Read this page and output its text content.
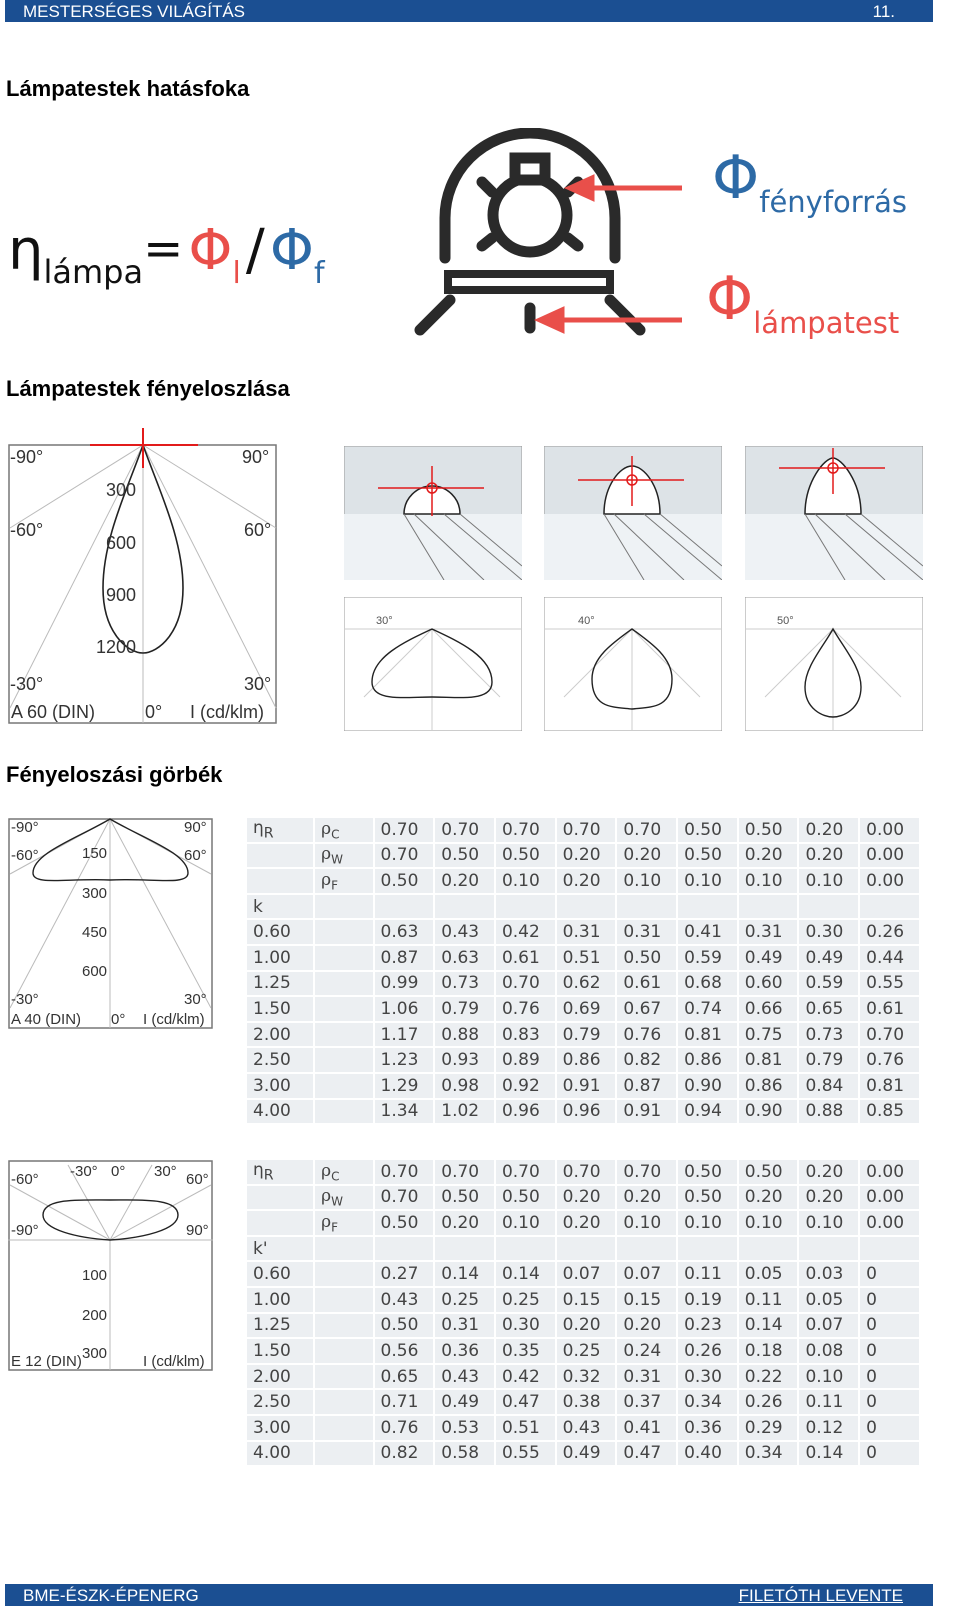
MESTERSÉGES VILÁGÍTÁS	11.
Lámpatestek hatásfoka
ηlámpa= Φl / Φf
Φfényforrás
Φlámpatest
Lámpatestek fényeloszlása
-90°	90°
-60°	60°
-30°	30°
0°
300
600
900
1200
A 60 (DIN)	I (cd/klm)
30°	40°	50°
Fényeloszási görbék
-90°	90°
-60°	60°
-30°	30°
0°
150
300
450
600
A 40 (DIN)	I (cd/klm)
-60° -30° 0° 30° 60°
-90°	90°
100
200
300
E 12 (DIN)	I (cd/klm)
$\eta_R$	$\rho_C$	0.70	0.70	0.70	0.70	0.70	0.50	0.50	0.20	0.00
	$\rho_W$	0.70	0.50	0.50	0.20	0.20	0.50	0.20	0.20	0.00
	$\rho_F$	0.50	0.20	0.10	0.20	0.10	0.10	0.10	0.10	0.00
k										
0.60		0.63	0.43	0.42	0.31	0.31	0.41	0.31	0.30	0.26
1.00		0.87	0.63	0.61	0.51	0.50	0.59	0.49	0.49	0.44
1.25		0.99	0.73	0.70	0.62	0.61	0.68	0.60	0.59	0.55
1.50		1.06	0.79	0.76	0.69	0.67	0.74	0.66	0.65	0.61
2.00		1.17	0.88	0.83	0.79	0.76	0.81	0.75	0.73	0.70
2.50		1.23	0.93	0.89	0.86	0.82	0.86	0.81	0.79	0.76
3.00		1.29	0.98	0.92	0.91	0.87	0.90	0.86	0.84	0.81
4.00		1.34	1.02	0.96	0.96	0.91	0.94	0.90	0.88	0.85
$\eta_R$	$\rho_C$	0.70	0.70	0.70	0.70	0.70	0.50	0.50	0.20	0.00
	$\rho_W$	0.70	0.50	0.50	0.20	0.20	0.50	0.20	0.20	0.00
	$\rho_F$	0.50	0.20	0.10	0.20	0.10	0.10	0.10	0.10	0.00
k'										
0.60		0.27	0.14	0.14	0.07	0.07	0.11	0.05	0.03	0
1.00		0.43	0.25	0.25	0.15	0.15	0.19	0.11	0.05	0
1.25		0.50	0.31	0.30	0.20	0.20	0.23	0.14	0.07	0
1.50		0.56	0.36	0.35	0.25	0.24	0.26	0.18	0.08	0
2.00		0.65	0.43	0.42	0.32	0.31	0.30	0.22	0.10	0
2.50		0.71	0.49	0.47	0.38	0.37	0.34	0.26	0.11	0
3.00		0.76	0.53	0.51	0.43	0.41	0.36	0.29	0.12	0
4.00		0.82	0.58	0.55	0.49	0.47	0.40	0.34	0.14	0
BME-ÉSZK-ÉPENERG	FILETÓTH LEVENTE
